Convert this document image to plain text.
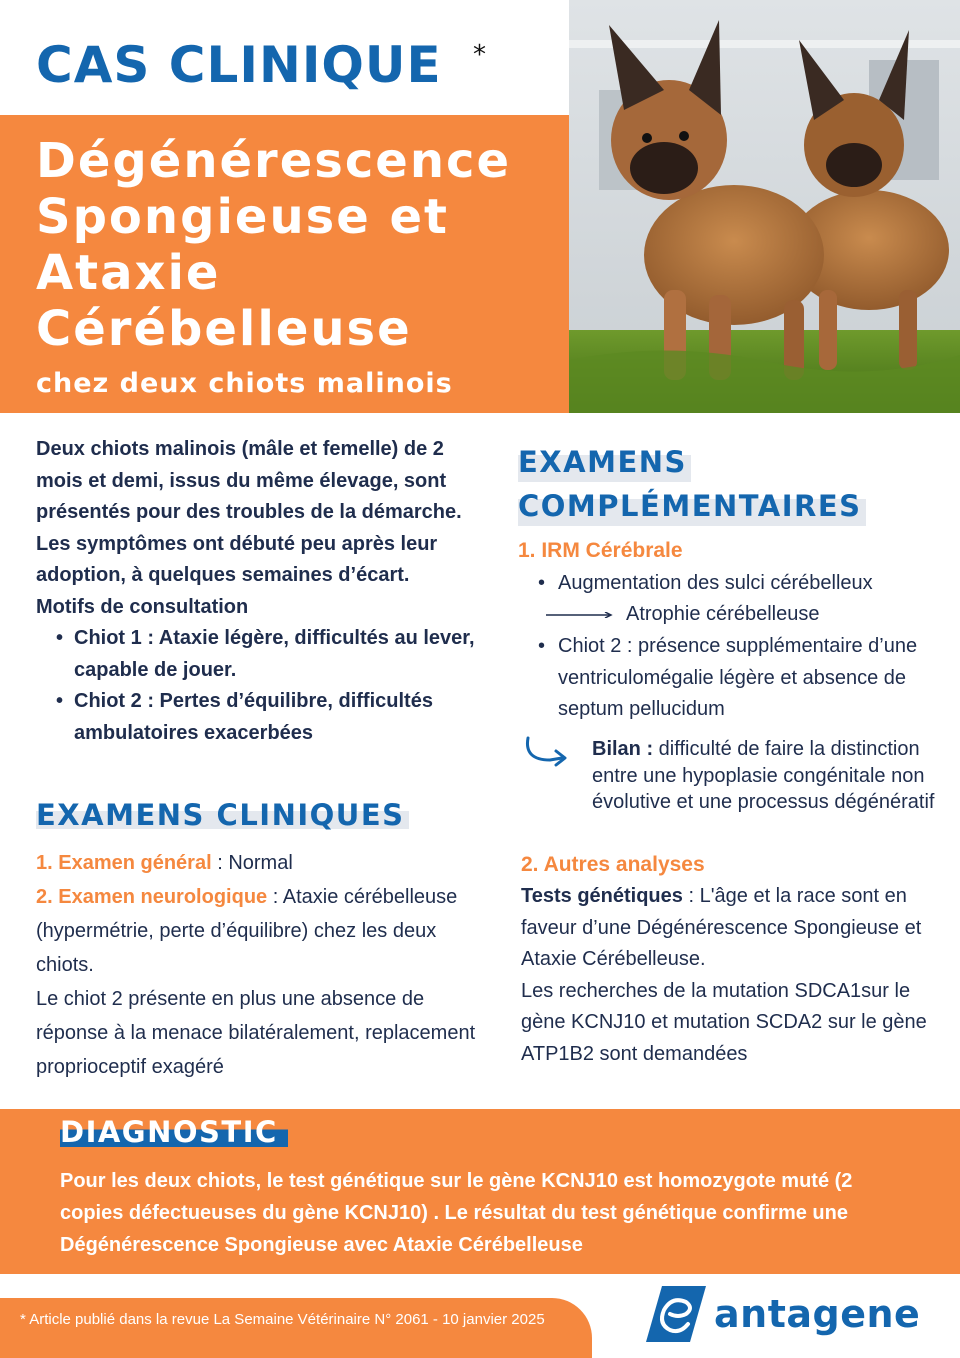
CAS CLINIQUE *
Dégénérescence Spongieuse et Ataxie Cérébelleuse
chez deux chiots malinois
Deux chiots malinois (mâle et femelle) de 2 mois et demi, issus du même élevage, sont présentés pour des troubles de la démarche. Les symptômes ont débuté peu après leur adoption, à quelques semaines d’écart.
Motifs de consultation
• Chiot 1 : Ataxie légère, difficultés au lever, capable de jouer.
• Chiot 2 : Pertes d’équilibre, difficultés ambulatoires exacerbées
EXAMENS CLINIQUES
1. Examen général : Normal
2. Examen neurologique : Ataxie cérébelleuse (hypermétrie, perte d’équilibre) chez les deux chiots.
Le chiot 2 présente en plus une absence de réponse à la menace bilatéralement, replacement proprioceptif exagéré
EXAMENS
COMPLÉMENTAIRES
1. IRM Cérébrale
• Augmentation des sulci cérébelleux
• Chiot 2 : présence supplémentaire d’une ventriculomégalie légère et absence de septum pellucidum
Atrophie cérébelleuse
Bilan : difficulté de faire la distinction entre une hypoplasie congénitale non évolutive et une processus dégénératif
2. Autres analyses
Tests génétiques : L'âge et la race sont en faveur d’une Dégénérescence Spongieuse et Ataxie Cérébelleuse.
Les recherches de la mutation SDCA1sur le gène KCNJ10 et mutation SCDA2 sur le gène ATP1B2 sont demandées
DIAGNOSTIC
Pour les deux chiots, le test génétique sur le gène KCNJ10 est homozygote muté (2 copies défectueuses du gène KCNJ10) . Le résultat du test génétique confirme une Dégénérescence Spongieuse avec Ataxie Cérébelleuse
* Article publié dans la revue La Semaine Vétérinaire N° 2061 - 10 janvier 2025	antagene
